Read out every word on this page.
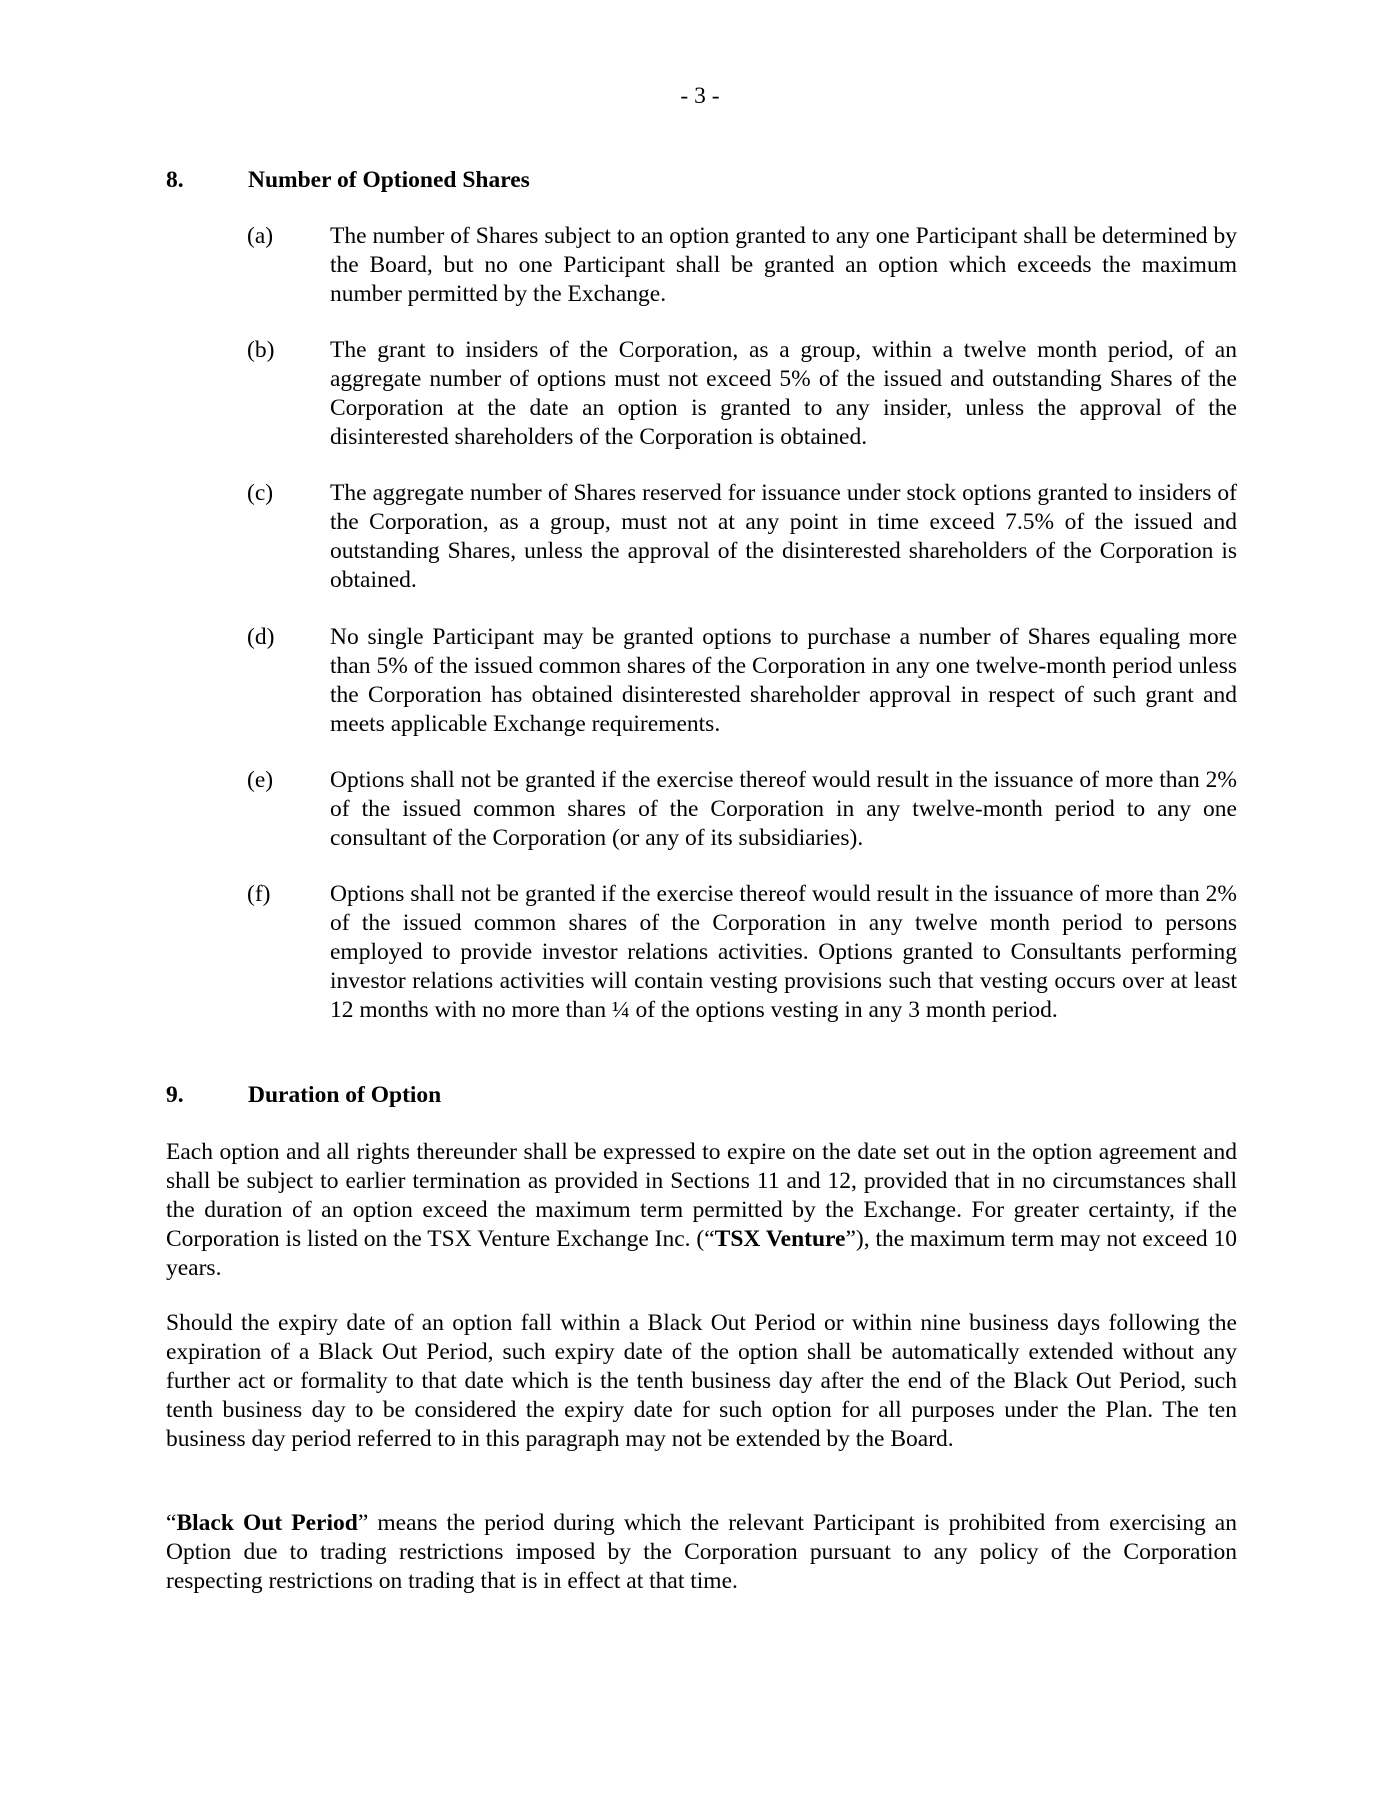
- 3 -
8.	Number of Optioned Shares
(a) The number of Shares subject to an option granted to any one Participant shall be determined by the Board, but no one Participant shall be granted an option which exceeds the maximum number permitted by the Exchange.
(b) The grant to insiders of the Corporation, as a group, within a twelve month period, of an aggregate number of options must not exceed 5% of the issued and outstanding Shares of the Corporation at the date an option is granted to any insider, unless the approval of the disinterested shareholders of the Corporation is obtained.
(c) The aggregate number of Shares reserved for issuance under stock options granted to insiders of the Corporation, as a group, must not at any point in time exceed 7.5% of the issued and outstanding Shares, unless the approval of the disinterested shareholders of the Corporation is obtained.
(d) No single Participant may be granted options to purchase a number of Shares equaling more than 5% of the issued common shares of the Corporation in any one twelve-month period unless the Corporation has obtained disinterested shareholder approval in respect of such grant and meets applicable Exchange requirements.
(e) Options shall not be granted if the exercise thereof would result in the issuance of more than 2% of the issued common shares of the Corporation in any twelve-month period to any one consultant of the Corporation (or any of its subsidiaries).
(f)	Options shall not be granted if the exercise thereof would result in the issuance of more than 2% of the issued common shares of the Corporation in any twelve month period to persons employed to provide investor relations activities. Options granted to Consultants performing investor relations activities will contain vesting provisions such that vesting occurs over at least 12 months with no more than ¼ of the options vesting in any 3 month period.
9.	Duration of Option
Each option and all rights thereunder shall be expressed to expire on the date set out in the option agreement and shall be subject to earlier termination as provided in Sections 11 and 12, provided that in no circumstances shall the duration of an option exceed the maximum term permitted by the Exchange. For greater certainty, if the Corporation is listed on the TSX Venture Exchange Inc. (“TSX Venture”), the maximum term may not exceed 10 years.
Should the expiry date of an option fall within a Black Out Period or within nine business days following the expiration of a Black Out Period, such expiry date of the option shall be automatically extended without any further act or formality to that date which is the tenth business day after the end of the Black Out Period, such tenth business day to be considered the expiry date for such option for all purposes under the Plan. The ten business day period referred to in this paragraph may not be extended by the Board.
“Black Out Period” means the period during which the relevant Participant is prohibited from exercising an Option due to trading restrictions imposed by the Corporation pursuant to any policy of the Corporation respecting restrictions on trading that is in effect at that time.
